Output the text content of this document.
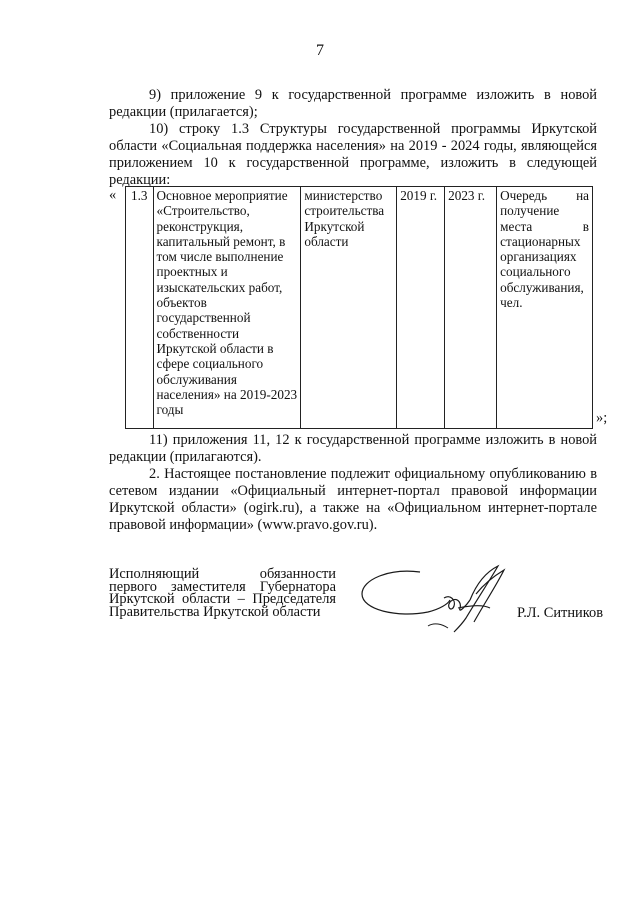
7

9) приложение 9 к государственной программе изложить в новой редакции (прилагается);

10) строку 1.3 Структуры государственной программы Иркутской области «Социальная поддержка населения» на 2019 - 2024 годы, являющейся приложением 10 к государственной программе, изложить в следующей редакции:

« 1.3	Основное мероприятие «Строительство, реконструкция, капитальный ремонт, в том числе выполнение проектных и изыскательских работ, объектов государственной собственности Иркутской области в сфере социального обслуживания населения» на 2019-2023 годы	министерство строительства Иркутской области	2019 г.	2023 г.	Очередь на получение места в стационарных организациях социального обслуживания, чел.
»;

11) приложения 11, 12 к государственной программе изложить в новой редакции (прилагаются).

2. Настоящее постановление подлежит официальному опубликованию в сетевом издании «Официальный интернет-портал правовой информации Иркутской области» (ogirk.ru), а также на «Официальном интернет-портале правовой информации» (www.pravo.gov.ru).

Исполняющий обязанности
первого заместителя Губернатора
Иркутской области – Председателя
Правительства Иркутской области	Р.Л. Ситников
